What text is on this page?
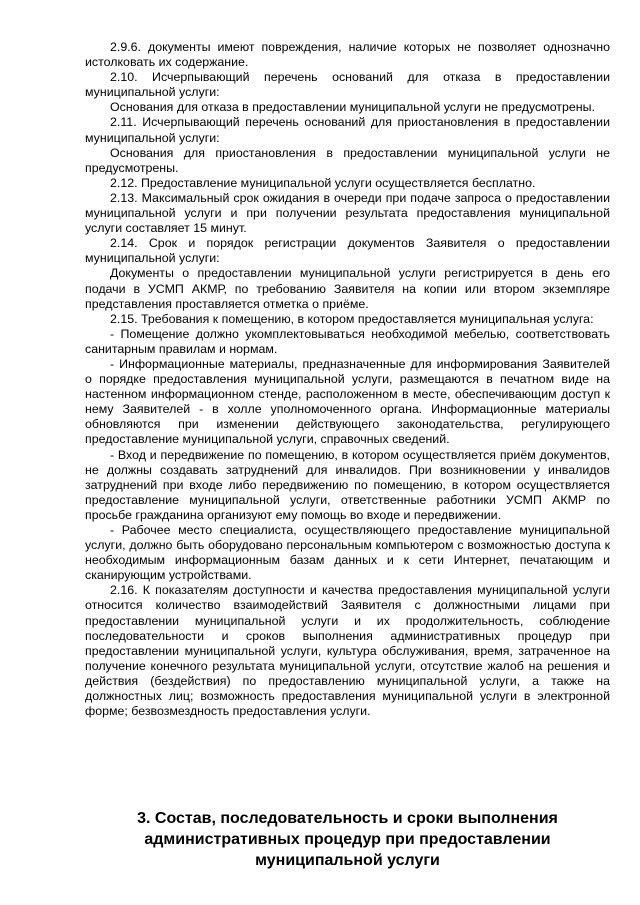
2.9.6. документы имеют повреждения, наличие которых не позволяет однозначно истолковать их содержание.

2.10. Исчерпывающий перечень оснований для отказа в предоставлении муниципальной услуги:

Основания для отказа в предоставлении муниципальной услуги не предусмотрены.

2.11. Исчерпывающий перечень оснований для приостановления в предоставлении муниципальной услуги:

Основания для приостановления в предоставлении муниципальной услуги не предусмотрены.

2.12. Предоставление муниципальной услуги осуществляется бесплатно.

2.13. Максимальный срок ожидания в очереди при подаче запроса о предоставлении муниципальной услуги и при получении результата предоставления муниципальной услуги составляет 15 минут.

2.14. Срок и порядок регистрации документов Заявителя о предоставлении муниципальной услуги:

Документы о предоставлении муниципальной услуги регистрируется в день его подачи в УСМП АКМР, по требованию Заявителя на копии или втором экземпляре представления проставляется отметка о приёме.

2.15. Требования к помещению, в котором предоставляется муниципальная услуга:

- Помещение должно укомплектовываться необходимой мебелью, соответствовать санитарным правилам и нормам.

- Информационные материалы, предназначенные для информирования Заявителей о порядке предоставления муниципальной услуги, размещаются в печатном виде на настенном информационном стенде, расположенном в месте, обеспечивающим доступ к нему Заявителей - в холле уполномоченного органа. Информационные материалы обновляются при изменении действующего законодательства, регулирующего предоставление муниципальной услуги, справочных сведений.

- Вход и передвижение по помещению, в котором осуществляется приём документов, не должны создавать затруднений для инвалидов. При возникновении у инвалидов затруднений при входе либо передвижению по помещению, в котором осуществляется предоставление муниципальной услуги, ответственные работники УСМП АКМР по просьбе гражданина организуют ему помощь во входе и передвижении.

- Рабочее место специалиста, осуществляющего предоставление муниципальной услуги, должно быть оборудовано персональным компьютером с возможностью доступа к необходимым информационным базам данных и к сети Интернет, печатающим и сканирующим устройствами.

2.16. К показателям доступности и качества предоставления муниципальной услуги относится количество взаимодействий Заявителя с должностными лицами при предоставлении муниципальной услуги и их продолжительность, соблюдение последовательности и сроков выполнения административных процедур при предоставлении муниципальной услуги, культура обслуживания, время, затраченное на получение конечного результата муниципальной услуги, отсутствие жалоб на решения и действия (бездействия) по предоставлению муниципальной услуги, а также на должностных лиц; возможность предоставления муниципальной услуги в электронной форме; безвозмездность предоставления услуги.

3. Состав, последовательность и сроки выполнения административных процедур при предоставлении муниципальной услуги
